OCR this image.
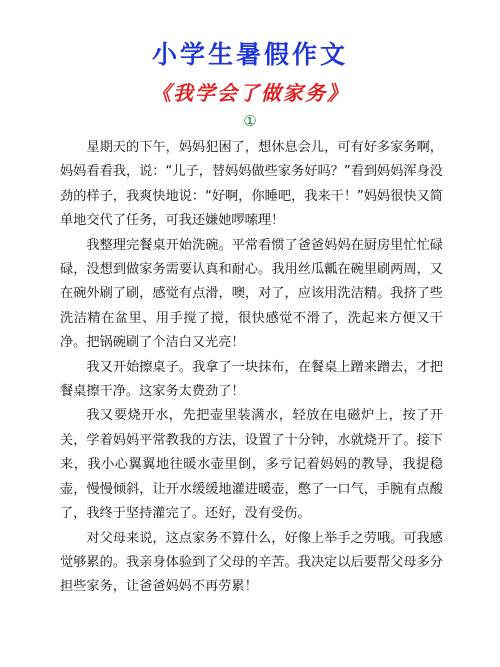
小学生暑假作文
《我学会了做家务》
①

星期天的下午，妈妈犯困了，想休息会儿，可有好多家务啊，妈妈看看我，说：“儿子，替妈妈做些家务好吗？”看到妈妈浑身没劲的样子，我爽快地说：“好啊，你睡吧，我来干！”妈妈很快又简单地交代了任务，可我还嫌她啰嗦理！

我整理完餐桌开始洗碗。平常看惯了爸爸妈妈在厨房里忙忙碌碌，没想到做家务需要认真和耐心。我用丝瓜瓤在碗里刷两周，又在碗外刷了刷，感觉有点滑，噢，对了，应该用洗洁精。我挤了些洗洁精在盆里、用手搅了搅，很快感觉不滑了，洗起来方便又干净。把锅碗刷了个洁白又光亮！

我又开始擦桌子。我拿了一块抹布，在餐桌上蹭来蹭去，才把餐桌擦干净。这家务太费劲了！

我又要烧开水，先把壶里装满水，轻放在电磁炉上，按了开关，学着妈妈平常教我的方法，设置了十分钟，水就烧开了。接下来，我小心翼翼地往暖水壶里倒，多亏记着妈妈的教导，我提稳壶，慢慢倾斜，让开水缓缓地灌进暖壶，憋了一口气，手腕有点酸了，我终于坚持灌完了。还好，没有受伤。

对父母来说，这点家务不算什么，好像上举手之劳哦。可我感觉够累的。我亲身体验到了父母的辛苦。我决定以后要帮父母多分担些家务，让爸爸妈妈不再劳累！
